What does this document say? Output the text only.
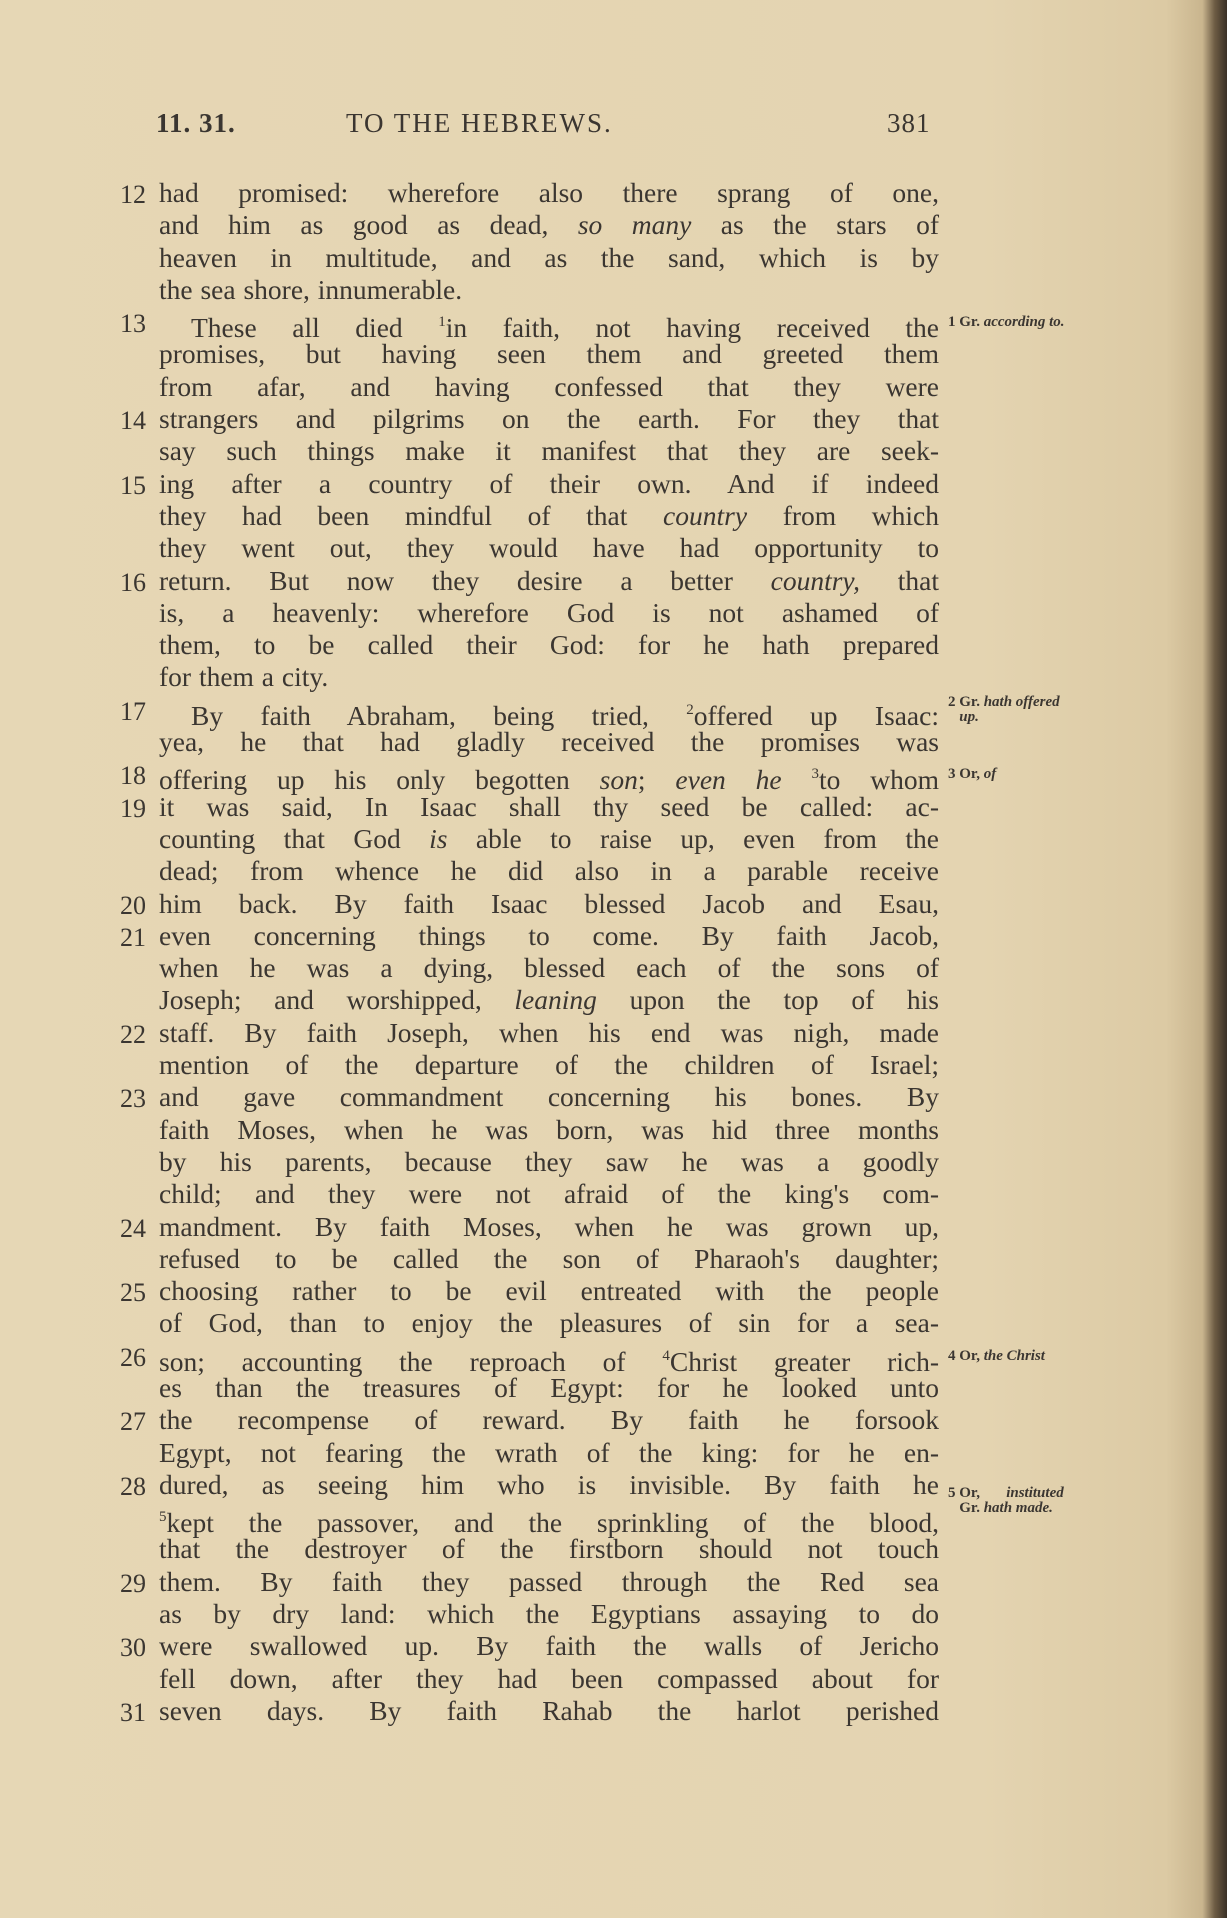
11. 31.	TO THE HEBREWS.	381
12 had promised: wherefore also there sprang of one,
and him as good as dead, so many as the stars of
heaven in multitude, and as the sand, which is by
the sea shore, innumerable.
13	These all died $^1$in faith, not having received the 1 Gr. according to.
promises, but having seen them and greeted them
from afar, and having confessed that they were
14 strangers and pilgrims on the earth. For they that
say such things make it manifest that they are seek-
15 ing after a country of their own. And if indeed
they had been mindful of that country from which
they went out, they would have had opportunity to
16 return. But now they desire a better country, that
is, a heavenly: wherefore God is not ashamed of
them, to be called their God: for he hath prepared
for them a city.
17	By faith Abraham, being tried, $^2$offered up Isaac: 2 Gr. hath offered
up.
yea, he that had gladly received the promises was
18 offering up his only begotten son; even he $^3$to whom 3 Or, of
19 it was said, In Isaac shall thy seed be called: ac-
counting that God is able to raise up, even from the
dead; from whence he did also in a parable receive
20 him back. By faith Isaac blessed Jacob and Esau,
21 even concerning things to come. By faith Jacob,
when he was a dying, blessed each of the sons of
Joseph; and worshipped, leaning upon the top of his
22 staff. By faith Joseph, when his end was nigh, made
mention of the departure of the children of Israel;
23 and gave commandment concerning his bones. By
faith Moses, when he was born, was hid three months
by his parents, because they saw he was a goodly
child; and they were not afraid of the king's com-
24 mandment. By faith Moses, when he was grown up,
refused to be called the son of Pharaoh's daughter;
25 choosing rather to be evil entreated with the people
of God, than to enjoy the pleasures of sin for a sea-
26 son; accounting the reproach of $^4$Christ greater rich- 4 Or, the Christ
es than the treasures of Egypt: for he looked unto
27 the recompense of reward. By faith he forsook
Egypt, not fearing the wrath of the king: for he en-
28 dured, as seeing him who is invisible. By faith he 5 Or,       instituted
Gr. hath made.
$^5$kept the passover, and the sprinkling of the blood,
that the destroyer of the firstborn should not touch
29 them. By faith they passed through the Red sea
as by dry land: which the Egyptians assaying to do
30 were swallowed up. By faith the walls of Jericho
fell down, after they had been compassed about for
31 seven days. By faith Rahab the harlot perished
